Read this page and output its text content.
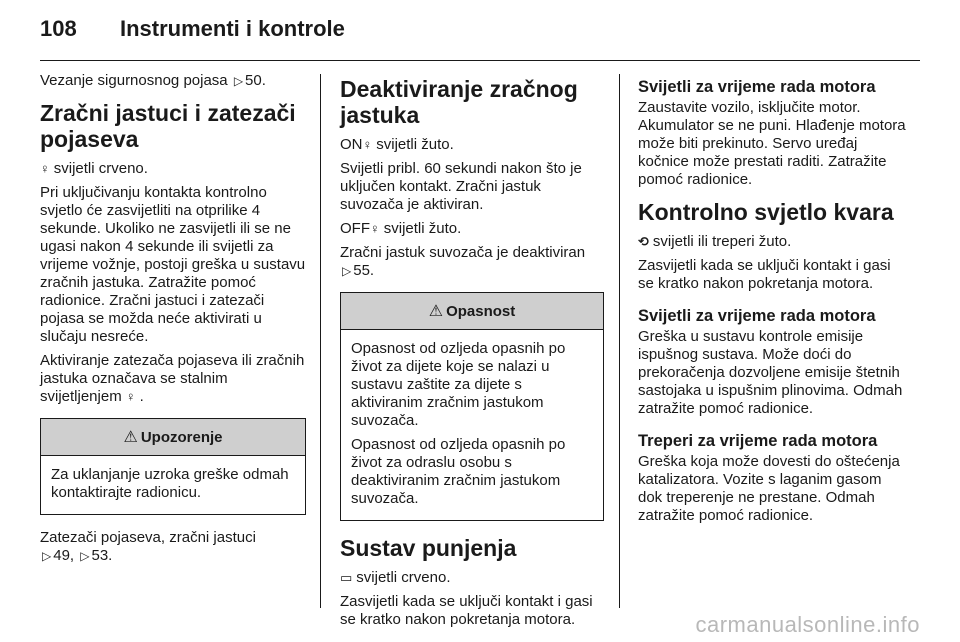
108 Instrumenti i kontrole

Vezanje sigurnosnog pojasa ▷ 50.

Zračni jastuci i zatezači pojaseva

♀ svijetli crveno.

Pri uključivanju kontakta kontrolno svjetlo će zasvijetliti na otprilike 4 sekunde. Ukoliko ne zasvijetli ili se ne ugasi nakon 4 sekunde ili svijetli za vrijeme vožnje, postoji greška u sustavu zračnih jastuka. Zatražite pomoć radionice. Zračni jastuci i zatezači pojasa se možda neće aktivirati u slučaju nesreće.

Aktiviranje zatezača pojaseva ili zračnih jastuka označava se stalnim svijetljenjem ♀ .

⚠ Upozorenje

Za uklanjanje uzroka greške odmah kontaktirajte radionicu.

Zatezači pojaseva, zračni jastuci
▷ 49, ▷ 53.

Deaktiviranje zračnog jastuka

ON♀ svijetli žuto.

Svijetli pribl. 60 sekundi nakon što je uključen kontakt. Zračni jastuk suvozača je aktiviran.

OFF♀ svijetli žuto.

Zračni jastuk suvozača je deaktiviran
▷ 55.

⚠ Opasnost

Opasnost od ozljeda opasnih po život za dijete koje se nalazi u sustavu zaštite za dijete s aktiviranim zračnim jastukom suvozača.

Opasnost od ozljeda opasnih po život za odraslu osobu s deaktiviranim zračnim jastukom suvozača.

Sustav punjenja

▭ svijetli crveno.

Zasvijetli kada se uključi kontakt i gasi se kratko nakon pokretanja motora.

Svijetli za vrijeme rada motora

Zaustavite vozilo, isključite motor. Akumulator se ne puni. Hlađenje motora može biti prekinuto. Servo uređaj kočnice može prestati raditi. Zatražite pomoć radionice.

Kontrolno svjetlo kvara

⟲ svijetli ili treperi žuto.

Zasvijetli kada se uključi kontakt i gasi se kratko nakon pokretanja motora.

Svijetli za vrijeme rada motora

Greška u sustavu kontrole emisije ispušnog sustava. Može doći do prekoračenja dozvoljene emisije štetnih sastojaka u ispušnim plinovima. Odmah zatražite pomoć radionice.

Treperi za vrijeme rada motora

Greška koja može dovesti do oštećenja katalizatora. Vozite s laganim gasom dok treperenje ne prestane. Odmah zatražite pomoć radionice.

carmanualsonline.info
